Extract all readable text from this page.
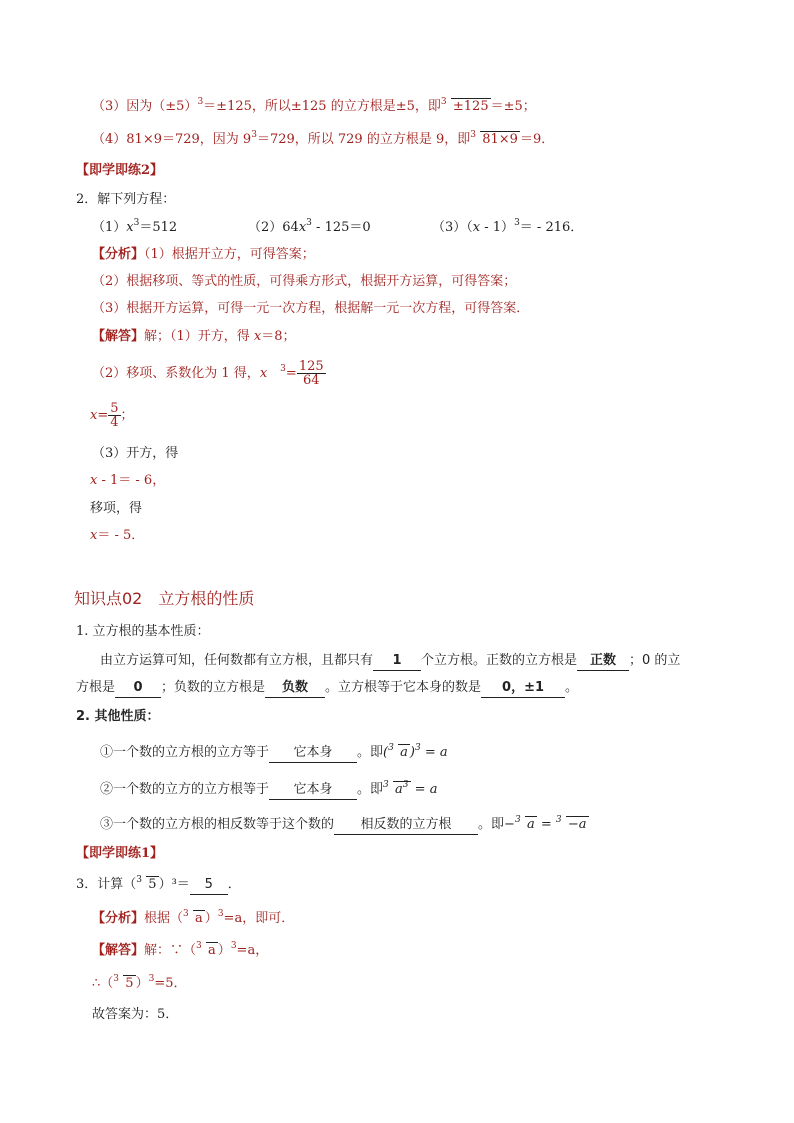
（3）因为$(\pm 5)^3=\pm 125$，所以±125 的立方根是±5，即 3 ±125 ＝±5；
（4）81×9＝729，因为 $9^3=729$，所以 729 的立方根是 9，即 3 81×9 ＝9．
【即学即练2】
2．解下列方程：
$(1)x^3=512$	$(2)64x^3 - 125=0$	（3）（x - 1）$^3$＝ - 216．
【分析】（1）根据开立方，可得答案；
（2）根据移项、等式的性质，可得乘方形式，根据开方运算，可得答案；
（3）根据开方运算，可得一元一次方程，根据解一元一次方程，可得答案．
【解答】解；（1）开方，得 x＝8；
（2）移项、系数化为 1 得，x　 $^3= \frac{125}{64}$
$x= \frac{5}{4}$ ；
（3）开方，得
x - 1＝ - 6，
移项，得
x＝ - 5．
知识点02　立方根的性质
1. 立方根的基本性质：
由立方运算可知，任何数都有立方根，且都只有 1 个立方根。正数的立方根是 正数 ；0 的立
方根是 0 ；负数的立方根是 负数 。立方根等于它本身的数是 0，±1 。
2. 其他性质：
①一个数的立方根的立方等于 它本身 。即( 3 a )$^3$ = a
②一个数的立方的立方根等于 它本身 。即 3 $a^3 = a$
③一个数的立方根的相反数等于这个数的 相反数的立方根 。即− 3 a = 3 −a
【即学即练1】
3．计算（ 3 5 ）³＝ 5 ．
【分析】根据（ 3 a ）$^3$=a，即可．
【解答】解：∵（ 3 a ）$^3$=a，
∴（ 3 5 ）$^3$=5．
故答案为：5．
